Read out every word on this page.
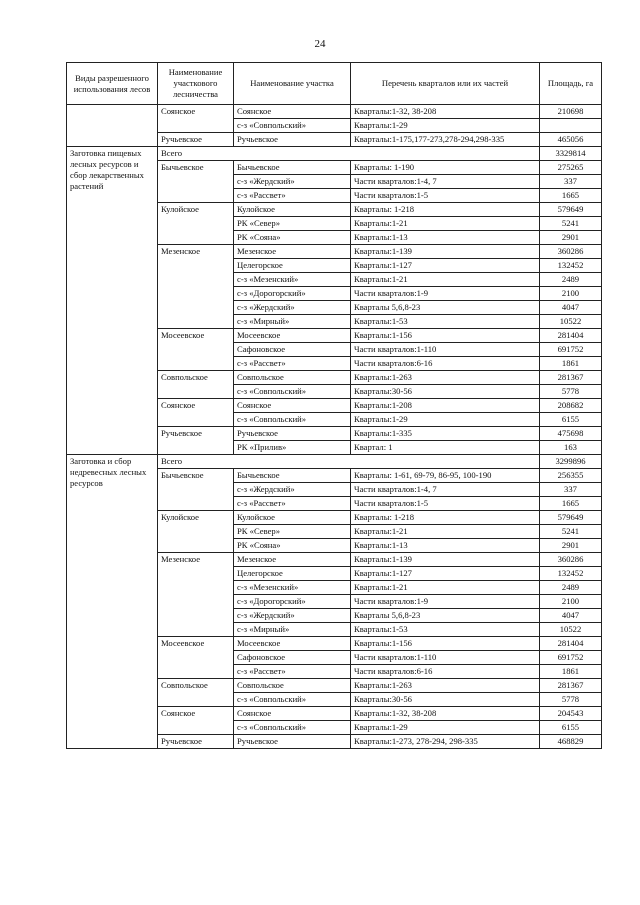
24
Виды разрешенного использования лесов	Наименование участкового лесничества	Наименование участка	Перечень кварталов или их частей	Площадь, га
	Соянское	Соянское	Кварталы:1-32, 38-208	210698
		с-з «Совпольский»	Кварталы:1-29	
	Ручьевское	Ручьевское	Кварталы:1-175,177-273,278-294,298-335	465056
Заготовка пищевых лесных ресурсов и сбор лекарственных растений	Всего			3329814
	Бычьевское	Бычьевское	Кварталы: 1-190	275265
		с-з «Жердский»	Части кварталов:1-4, 7	337
		с-з «Рассвет»	Части кварталов:1-5	1665
	Кулойское	Кулойское	Кварталы: 1-218	579649
		РК «Север»	Кварталы:1-21	5241
		РК «Сояна»	Кварталы:1-13	2901
	Мезенское	Мезенское	Кварталы:1-139	360286
		Целегорское	Кварталы:1-127	132452
		с-з «Мезенский»	Кварталы:1-21	2489
		с-з «Дорогорский»	Части кварталов:1-9	2100
		с-з «Жердский»	Кварталы 5,6,8-23	4047
		с-з «Мирный»	Кварталы:1-53	10522
	Мосеевское	Мосеевское	Кварталы:1-156	281404
		Сафоновское	Части кварталов:1-110	691752
		с-з «Рассвет»	Части кварталов:6-16	1861
	Совпольское	Совпольское	Кварталы:1-263	281367
		с-з «Совпольский»	Кварталы:30-56	5778
	Соянское	Соянское	Кварталы:1-208	208682
		с-з «Совпольский»	Кварталы:1-29	6155
	Ручьевское	Ручьевское	Кварталы:1-335	475698
		РК «Прилив»	Квартал: 1	163
Заготовка и сбор недревесных лесных ресурсов	Всего			3299896
	Бычьевское	Бычьевское	Кварталы: 1-61, 69-79, 86-95, 100-190	256355
		с-з «Жердский»	Части кварталов:1-4, 7	337
		с-з «Рассвет»	Части кварталов:1-5	1665
	Кулойское	Кулойское	Кварталы: 1-218	579649
		РК «Север»	Кварталы:1-21	5241
		РК «Сояна»	Кварталы:1-13	2901
	Мезенское	Мезенское	Кварталы:1-139	360286
		Целегорское	Кварталы:1-127	132452
		с-з «Мезенский»	Кварталы:1-21	2489
		с-з «Дорогорский»	Части кварталов:1-9	2100
		с-з «Жердский»	Кварталы 5,6,8-23	4047
		с-з «Мирный»	Кварталы:1-53	10522
	Мосеевское	Мосеевское	Кварталы:1-156	281404
		Сафоновское	Части кварталов:1-110	691752
		с-з «Рассвет»	Части кварталов:6-16	1861
	Совпольское	Совпольское	Кварталы:1-263	281367
		с-з «Совпольский»	Кварталы:30-56	5778
	Соянское	Соянское	Кварталы:1-32, 38-208	204543
		с-з «Совпольский»	Кварталы:1-29	6155
	Ручьевское	Ручьевское	Кварталы:1-273, 278-294, 298-335	468829
